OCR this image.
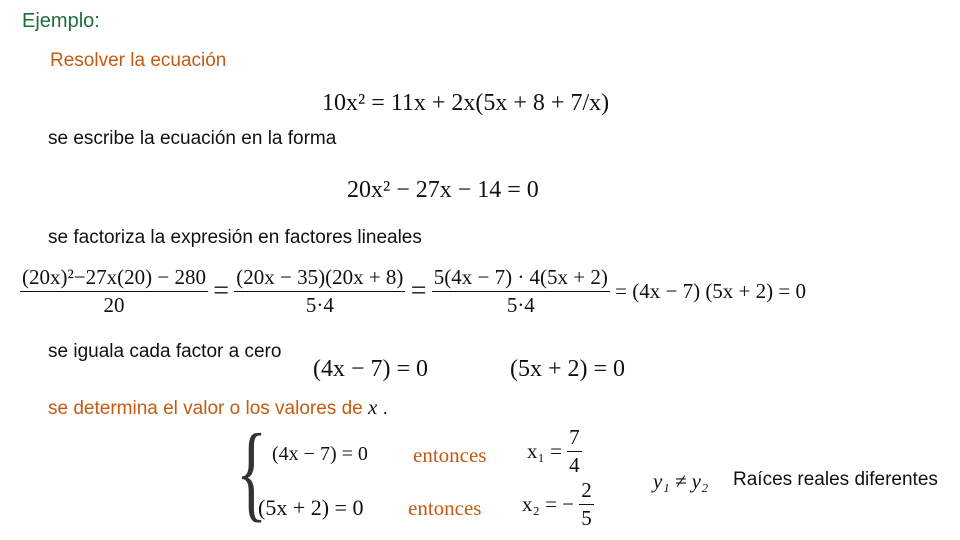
Ejemplo:
Resolver la ecuación
10x² = 11x + 2x(5x + 8 + 7/x)
se escribe la ecuación en la forma
20x² − 27x − 14 = 0
se factoriza la expresión en factores lineales
$\frac{\text{(20x)²−27x(20) − 280}}{20} = \frac{(20x - 35)(20x + 8)}{5\cdot 4} = \frac{5(4x - 7) \cdot 4(5x + 2)}{5\cdot 4} = (4x - 7) (5x + 2) = 0$
se iguala cada factor a cero
(4x − 7) = 0	(5x + 2) = 0
se determina el valor o los valores de x .
{ (4x − 7) = 0 entonces $x_1 = \frac{7}{4}$
(5x + 2) = 0 entonces x₂ = − $\frac{2}{5}$	y₁ ≠ y₂ Raíces reales diferentes
